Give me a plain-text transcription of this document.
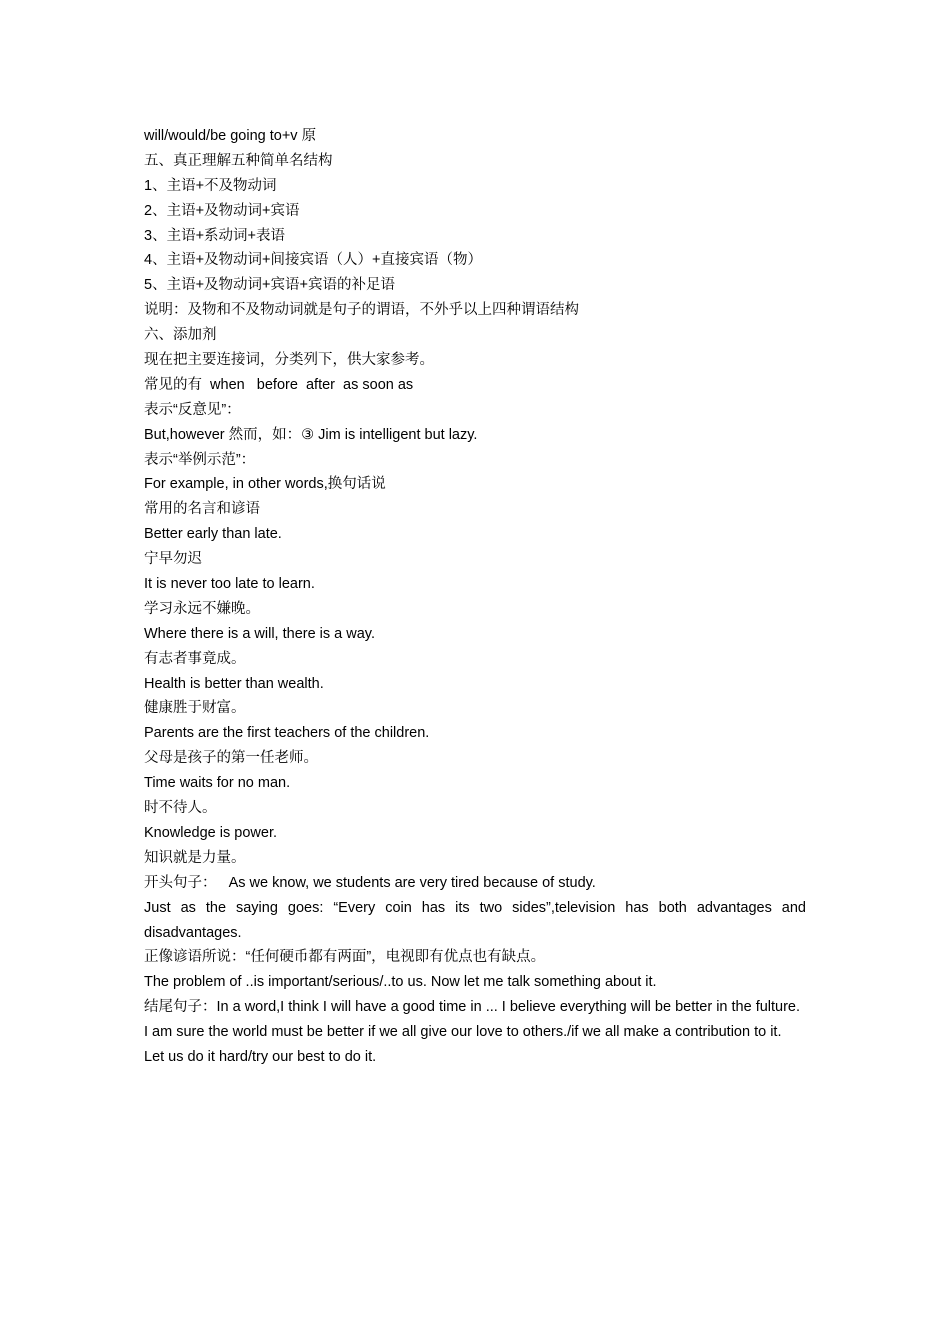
will/would/be going to+v 原
五、真正理解五种简单名结构
1、主语+不及物动词
2、主语+及物动词+宾语
3、主语+系动词+表语
4、主语+及物动词+间接宾语（人）+直接宾语（物）
5、主语+及物动词+宾语+宾语的补足语
说明：及物和不及物动词就是句子的谓语，不外乎以上四种谓语结构
六、添加剂
现在把主要连接词，分类列下，供大家参考。
常见的有  when   before  after  as soon as
表示“反意见”：
But,however 然而，如：③ Jim is intelligent but lazy.
表示“举例示范”：
For example, in other words,换句话说
常用的名言和谚语
Better early than late.
宁早勿迟
It is never too late to learn.
学习永远不嫌晚。
Where there is a will, there is a way.
有志者事竟成。
Health is better than wealth.
健康胜于财富。
Parents are the first teachers of the children.
父母是孩子的第一任老师。
Time waits for no man.
时不待人。
Knowledge is power.
知识就是力量。
开头句子：   As we know, we students are very tired because of study.
Just as the saying goes: “Every coin has its two sides”,television has both advantages and disadvantages.
正像谚语所说：“任何硬币都有两面”，电视即有优点也有缺点。
The problem of ..is important/serious/..to us. Now let me talk something about it.
结尾句子：In a word,I think I will have a good time in ... I believe everything will be better in the fulture.
I am sure the world must be better if we all give our love to others./if we all make a contribution to it.
Let us do it hard/try our best to do it.
